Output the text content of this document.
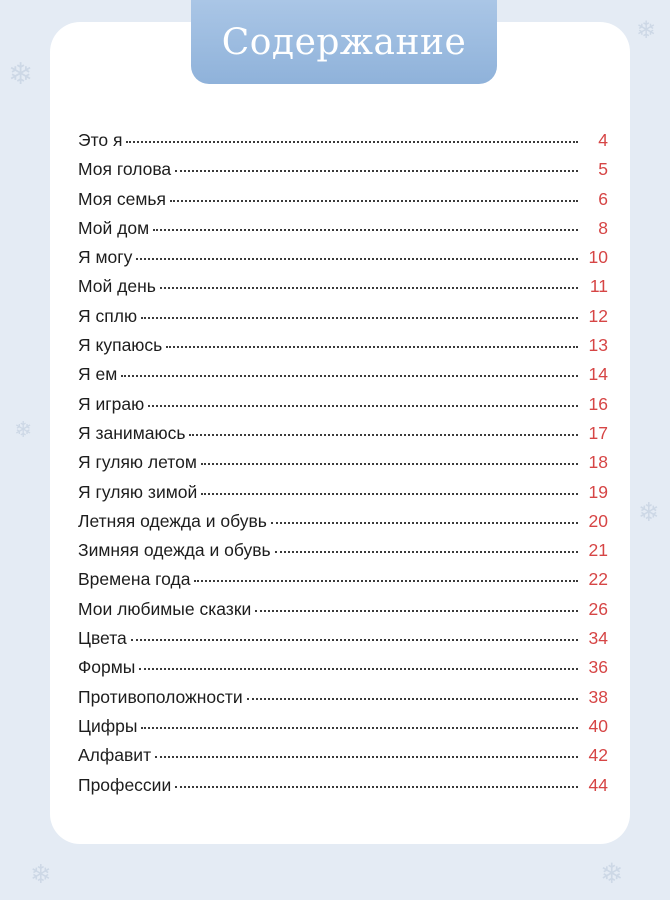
❄
❄
❄
❄
❄	❄
Содержание
Это я	4
Моя голова	5
Моя семья	6
Мой дом	8
Я могу	10
Мой день	11
Я сплю	12
Я купаюсь	13
Я ем	14
Я играю	16
Я занимаюсь	17
Я гуляю летом	18
Я гуляю зимой	19
Летняя одежда и обувь	20
Зимняя одежда и обувь	21
Времена года	22
Мои любимые сказки	26
Цвета	34
Формы	36
Противоположности	38
Цифры	40
Алфавит	42
Профессии	44
